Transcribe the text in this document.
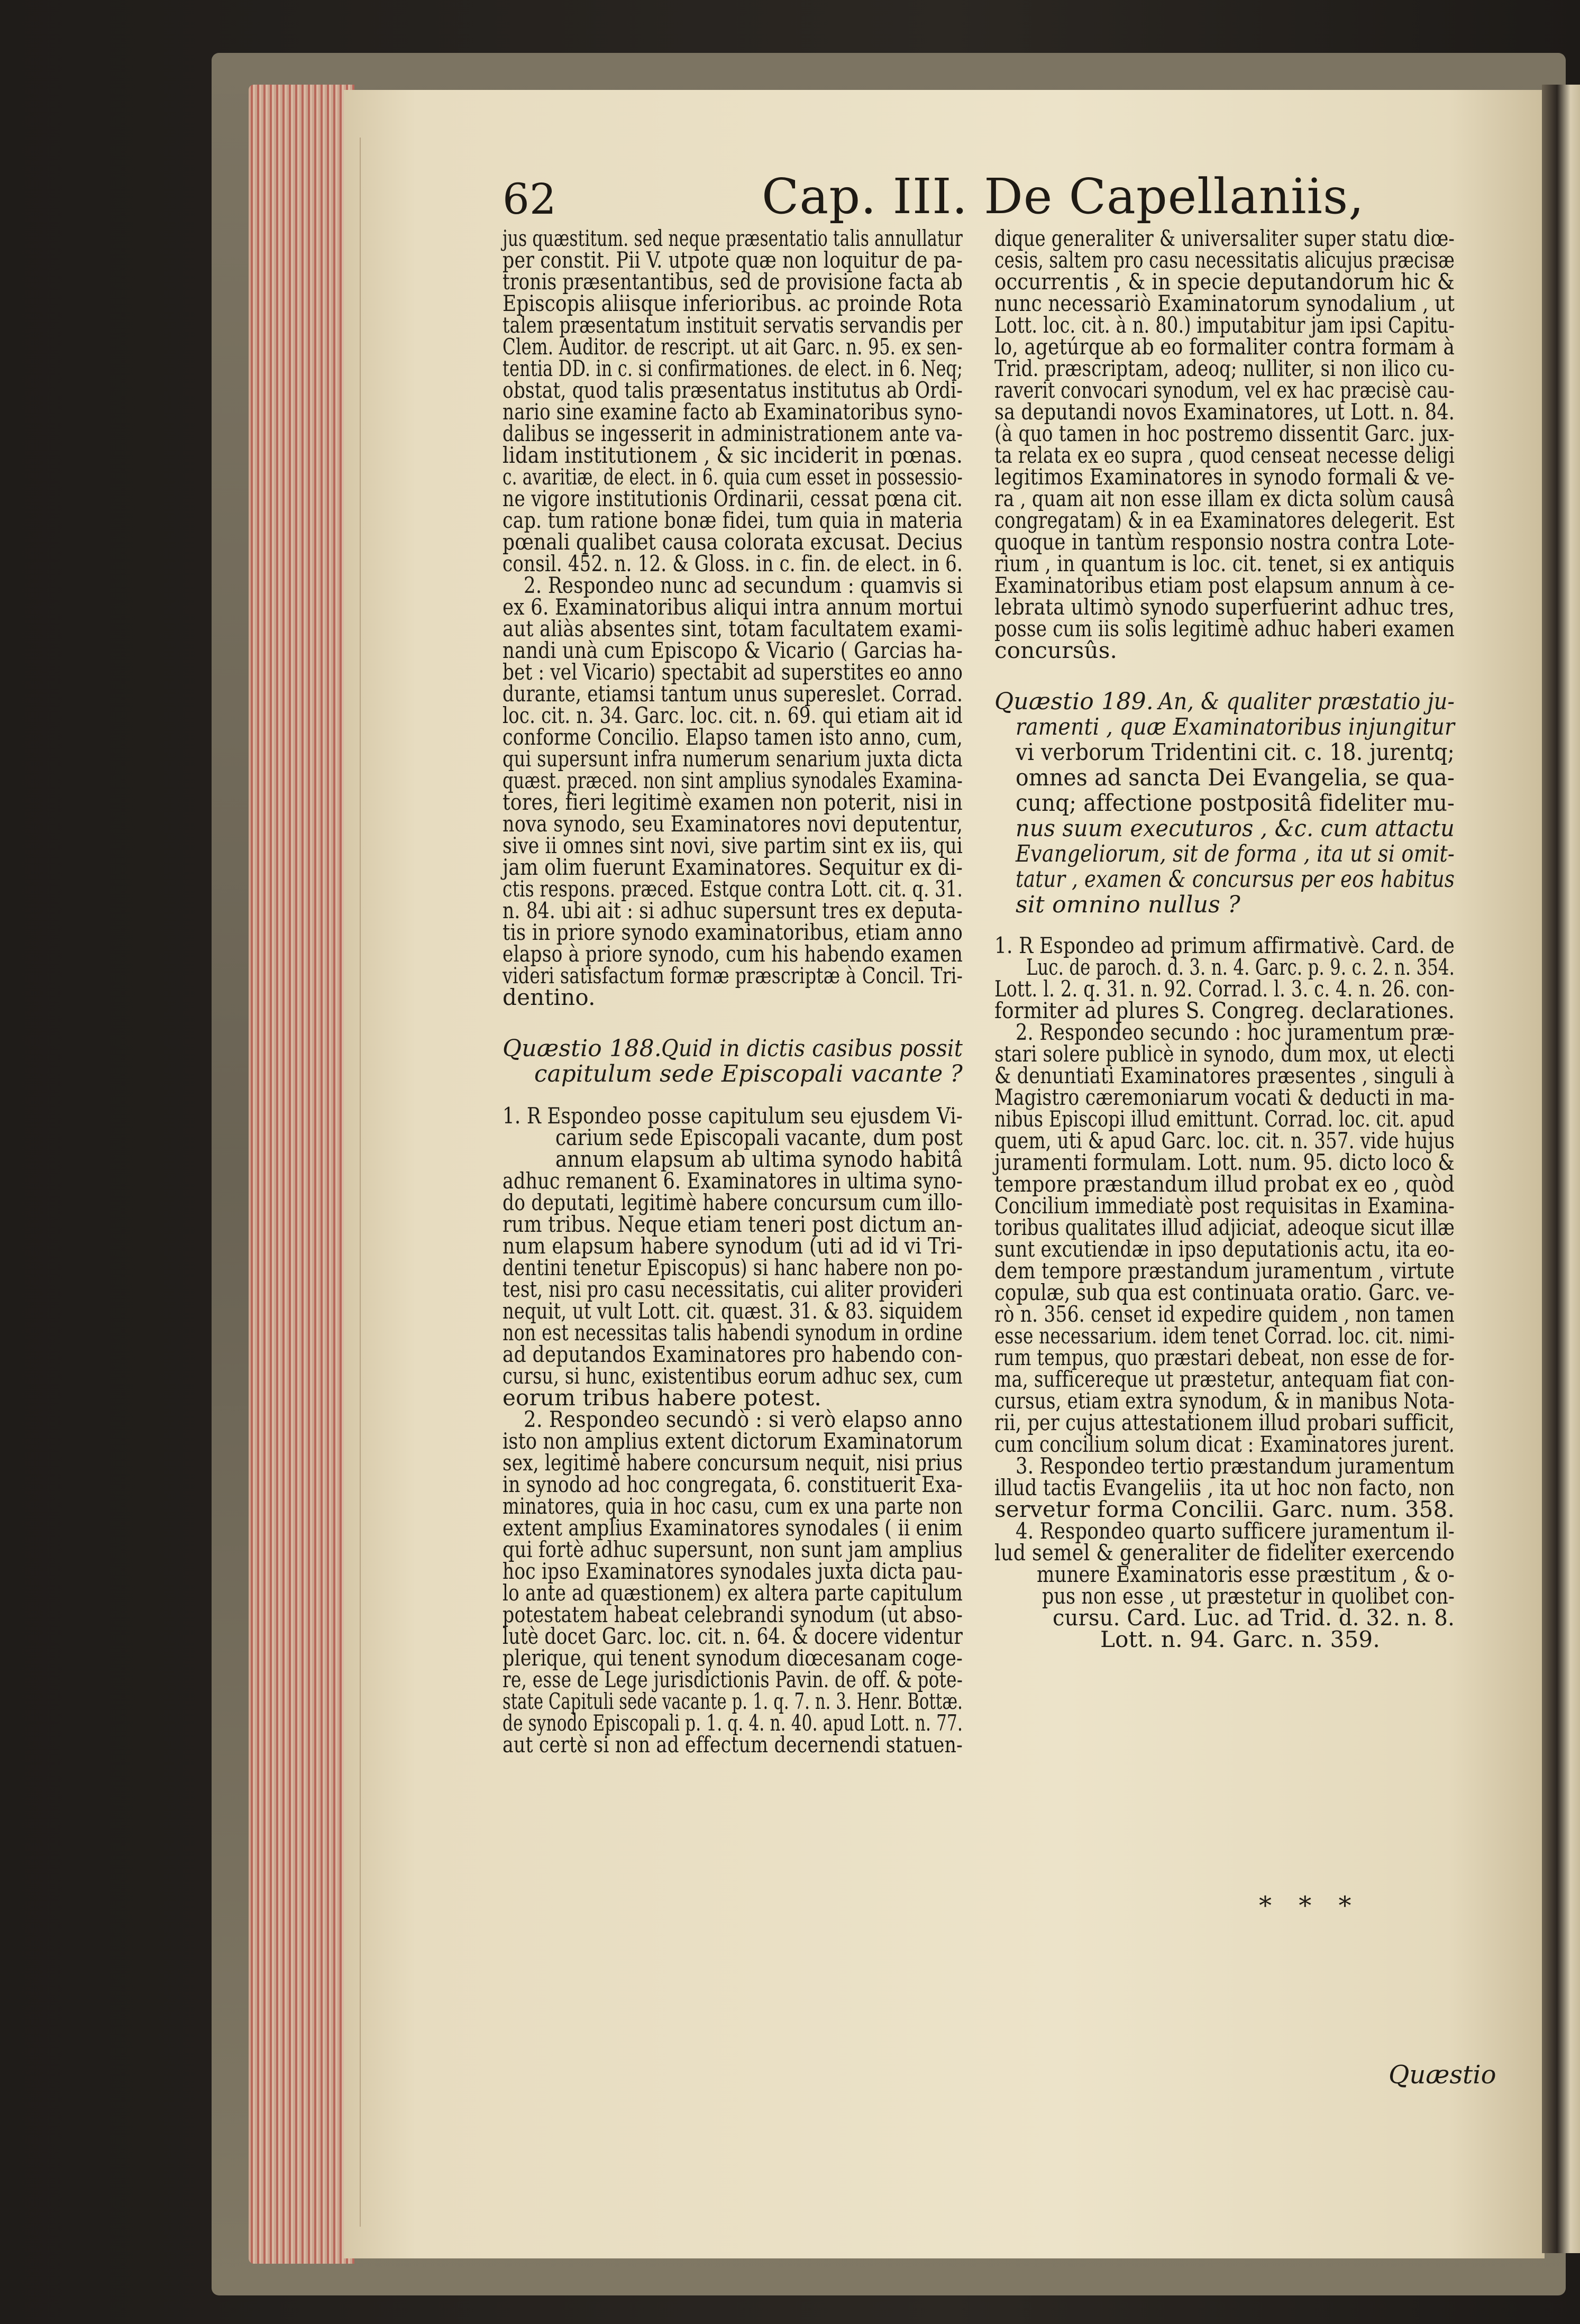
62	Cap. III. De Capellaniis,
jus quæstitum. sed neque præsentatio talis annullatur
per constit. Pii V. utpote quæ non loquitur de pa-
tronis præsentantibus, sed de provisione facta ab
Episcopis aliisque inferioribus. ac proinde Rota
talem præsentatum instituit servatis servandis per
Clem. Auditor. de rescript. ut ait Garc. n. 95. ex sen-
tentia DD. in c. si confirmationes. de elect. in 6. Neq;
obstat, quod talis præsentatus institutus ab Ordi-
nario sine examine facto ab Examinatoribus syno-
dalibus se ingesserit in administrationem ante va-
lidam institutionem , & sic inciderit in pœnas.
c. avaritiæ, de elect. in 6. quia cum esset in possessio-
ne vigore institutionis Ordinarii, cessat pœna cit.
cap. tum ratione bonæ fidei, tum quia in materia
pœnali qualibet causa colorata excusat. Decius
consil. 452. n. 12. & Gloss. in c. fin. de elect. in 6.
2. Respondeo nunc ad secundum : quamvis si
ex 6. Examinatoribus aliqui intra annum mortui
aut aliàs absentes sint, totam facultatem exami-
nandi unà cum Episcopo & Vicario ( Garcias ha-
bet : vel Vicario) spectabit ad superstites eo anno
durante, etiamsi tantum unus supereslet. Corrad.
loc. cit. n. 34. Garc. loc. cit. n. 69. qui etiam ait id
conforme Concilio. Elapso tamen isto anno, cum,
qui supersunt infra numerum senarium juxta dicta
quæst. præced. non sint amplius synodales Examina-
tores, fieri legitimè examen non poterit, nisi in
nova synodo, seu Examinatores novi deputentur,
sive ii omnes sint novi, sive partim sint ex iis, qui
jam olim fuerunt Examinatores. Sequitur ex di-
ctis respons. præced. Estque contra Lott. cit. q. 31.
n. 84. ubi ait : si adhuc supersunt tres ex deputa-
tis in priore synodo examinatoribus, etiam anno
elapso à priore synodo, cum his habendo examen
videri satisfactum formæ præscriptæ à Concil. Tri-
dentino.
Quæstio 188. Quid in dictis casibus possit
capitulum sede Episcopali vacante ?
1. R Espondeo posse capitulum seu ejusdem Vi-
carium sede Episcopali vacante, dum post
annum elapsum ab ultima synodo habitâ
adhuc remanent 6. Examinatores in ultima syno-
do deputati, legitimè habere concursum cum illo-
rum tribus. Neque etiam teneri post dictum an-
num elapsum habere synodum (uti ad id vi Tri-
dentini tenetur Episcopus) si hanc habere non po-
test, nisi pro casu necessitatis, cui aliter provideri
nequit, ut vult Lott. cit. quæst. 31. & 83. siquidem
non est necessitas talis habendi synodum in ordine
ad deputandos Examinatores pro habendo con-
cursu, si hunc, existentibus eorum adhuc sex, cum
eorum tribus habere potest.
2. Respondeo secundò : si verò elapso anno
isto non amplius extent dictorum Examinatorum
sex, legitimè habere concursum nequit, nisi prius
in synodo ad hoc congregata, 6. constituerit Exa-
minatores, quia in hoc casu, cum ex una parte non
extent amplius Examinatores synodales ( ii enim
qui fortè adhuc supersunt, non sunt jam amplius
hoc ipso Examinatores synodales juxta dicta pau-
lo ante ad quæstionem) ex altera parte capitulum
potestatem habeat celebrandi synodum (ut abso-
lutè docet Garc. loc. cit. n. 64. & docere videntur
plerique, qui tenent synodum diœcesanam coge-
re, esse de Lege jurisdictionis Pavin. de off. & pote-
state Capituli sede vacante p. 1. q. 7. n. 3. Henr. Bottæ.
de synodo Episcopali p. 1. q. 4. n. 40. apud Lott. n. 77.
aut certè si non ad effectum decernendi statuen-
dique generaliter & universaliter super statu diœ-
cesis, saltem pro casu necessitatis alicujus præcisæ
occurrentis , & in specie deputandorum hic &
nunc necessariò Examinatorum synodalium , ut
Lott. loc. cit. à n. 80.) imputabitur jam ipsi Capitu-
lo, agetúrque ab eo formaliter contra formam à
Trid. præscriptam, adeoq; nulliter, si non ilico cu-
raverit convocari synodum, vel ex hac præcisè cau-
sa deputandi novos Examinatores, ut Lott. n. 84.
(à quo tamen in hoc postremo dissentit Garc. jux-
ta relata ex eo supra , quod censeat necesse deligi
legitimos Examinatores in synodo formali & ve-
ra , quam ait non esse illam ex dicta solùm causâ
congregatam) & in ea Examinatores delegerit. Est
quoque in tantùm responsio nostra contra Lote-
rium , in quantum is loc. cit. tenet, si ex antiquis
Examinatoribus etiam post elapsum annum à ce-
lebrata ultimò synodo superfuerint adhuc tres,
posse cum iis solis legitimè adhuc haberi examen
concursûs.
Quæstio 189. An, & qualiter præstatio ju-
ramenti , quæ Examinatoribus injungitur
vi verborum Tridentini cit. c. 18. jurentq;
omnes ad sancta Dei Evangelia, se qua-
cunq; affectione postpositâ fideliter mu-
nus suum executuros , &c. cum attactu
Evangeliorum, sit de forma , ita ut si omit-
tatur , examen & concursus per eos habitus
sit omnino nullus ?
1. R Espondeo ad primum affirmativè. Card. de
Luc. de paroch. d. 3. n. 4. Garc. p. 9. c. 2. n. 354.
Lott. l. 2. q. 31. n. 92. Corrad. l. 3. c. 4. n. 26. con-
formiter ad plures S. Congreg. declarationes.
2. Respondeo secundo : hoc juramentum præ-
stari solere publicè in synodo, dum mox, ut electi
& denuntiati Examinatores præsentes , singuli à
Magistro cæremoniarum vocati & deducti in ma-
nibus Episcopi illud emittunt. Corrad. loc. cit. apud
quem, uti & apud Garc. loc. cit. n. 357. vide hujus
juramenti formulam. Lott. num. 95. dicto loco &
tempore præstandum illud probat ex eo , quòd
Concilium immediatè post requisitas in Examina-
toribus qualitates illud adjiciat, adeoque sicut illæ
sunt excutiendæ in ipso deputationis actu, ita eo-
dem tempore præstandum juramentum , virtute
copulæ, sub qua est continuata oratio. Garc. ve-
rò n. 356. censet id expedire quidem , non tamen
esse necessarium. idem tenet Corrad. loc. cit. nimi-
rum tempus, quo præstari debeat, non esse de for-
ma, sufficereque ut præstetur, antequam fiat con-
cursus, etiam extra synodum, & in manibus Nota-
rii, per cujus attestationem illud probari sufficit,
cum concilium solum dicat : Examinatores jurent.
3. Respondeo tertio præstandum juramentum
illud tactis Evangeliis , ita ut hoc non facto, non
servetur forma Concilii. Garc. num. 358.
4. Respondeo quarto sufficere juramentum il-
lud semel & generaliter de fideliter exercendo
munere Examinatoris esse præstitum , & o-
pus non esse , ut præstetur in quolibet con-
cursu. Card. Luc. ad Trid. d. 32. n. 8.
Lott. n. 94. Garc. n. 359.
* * *
Quæstio
